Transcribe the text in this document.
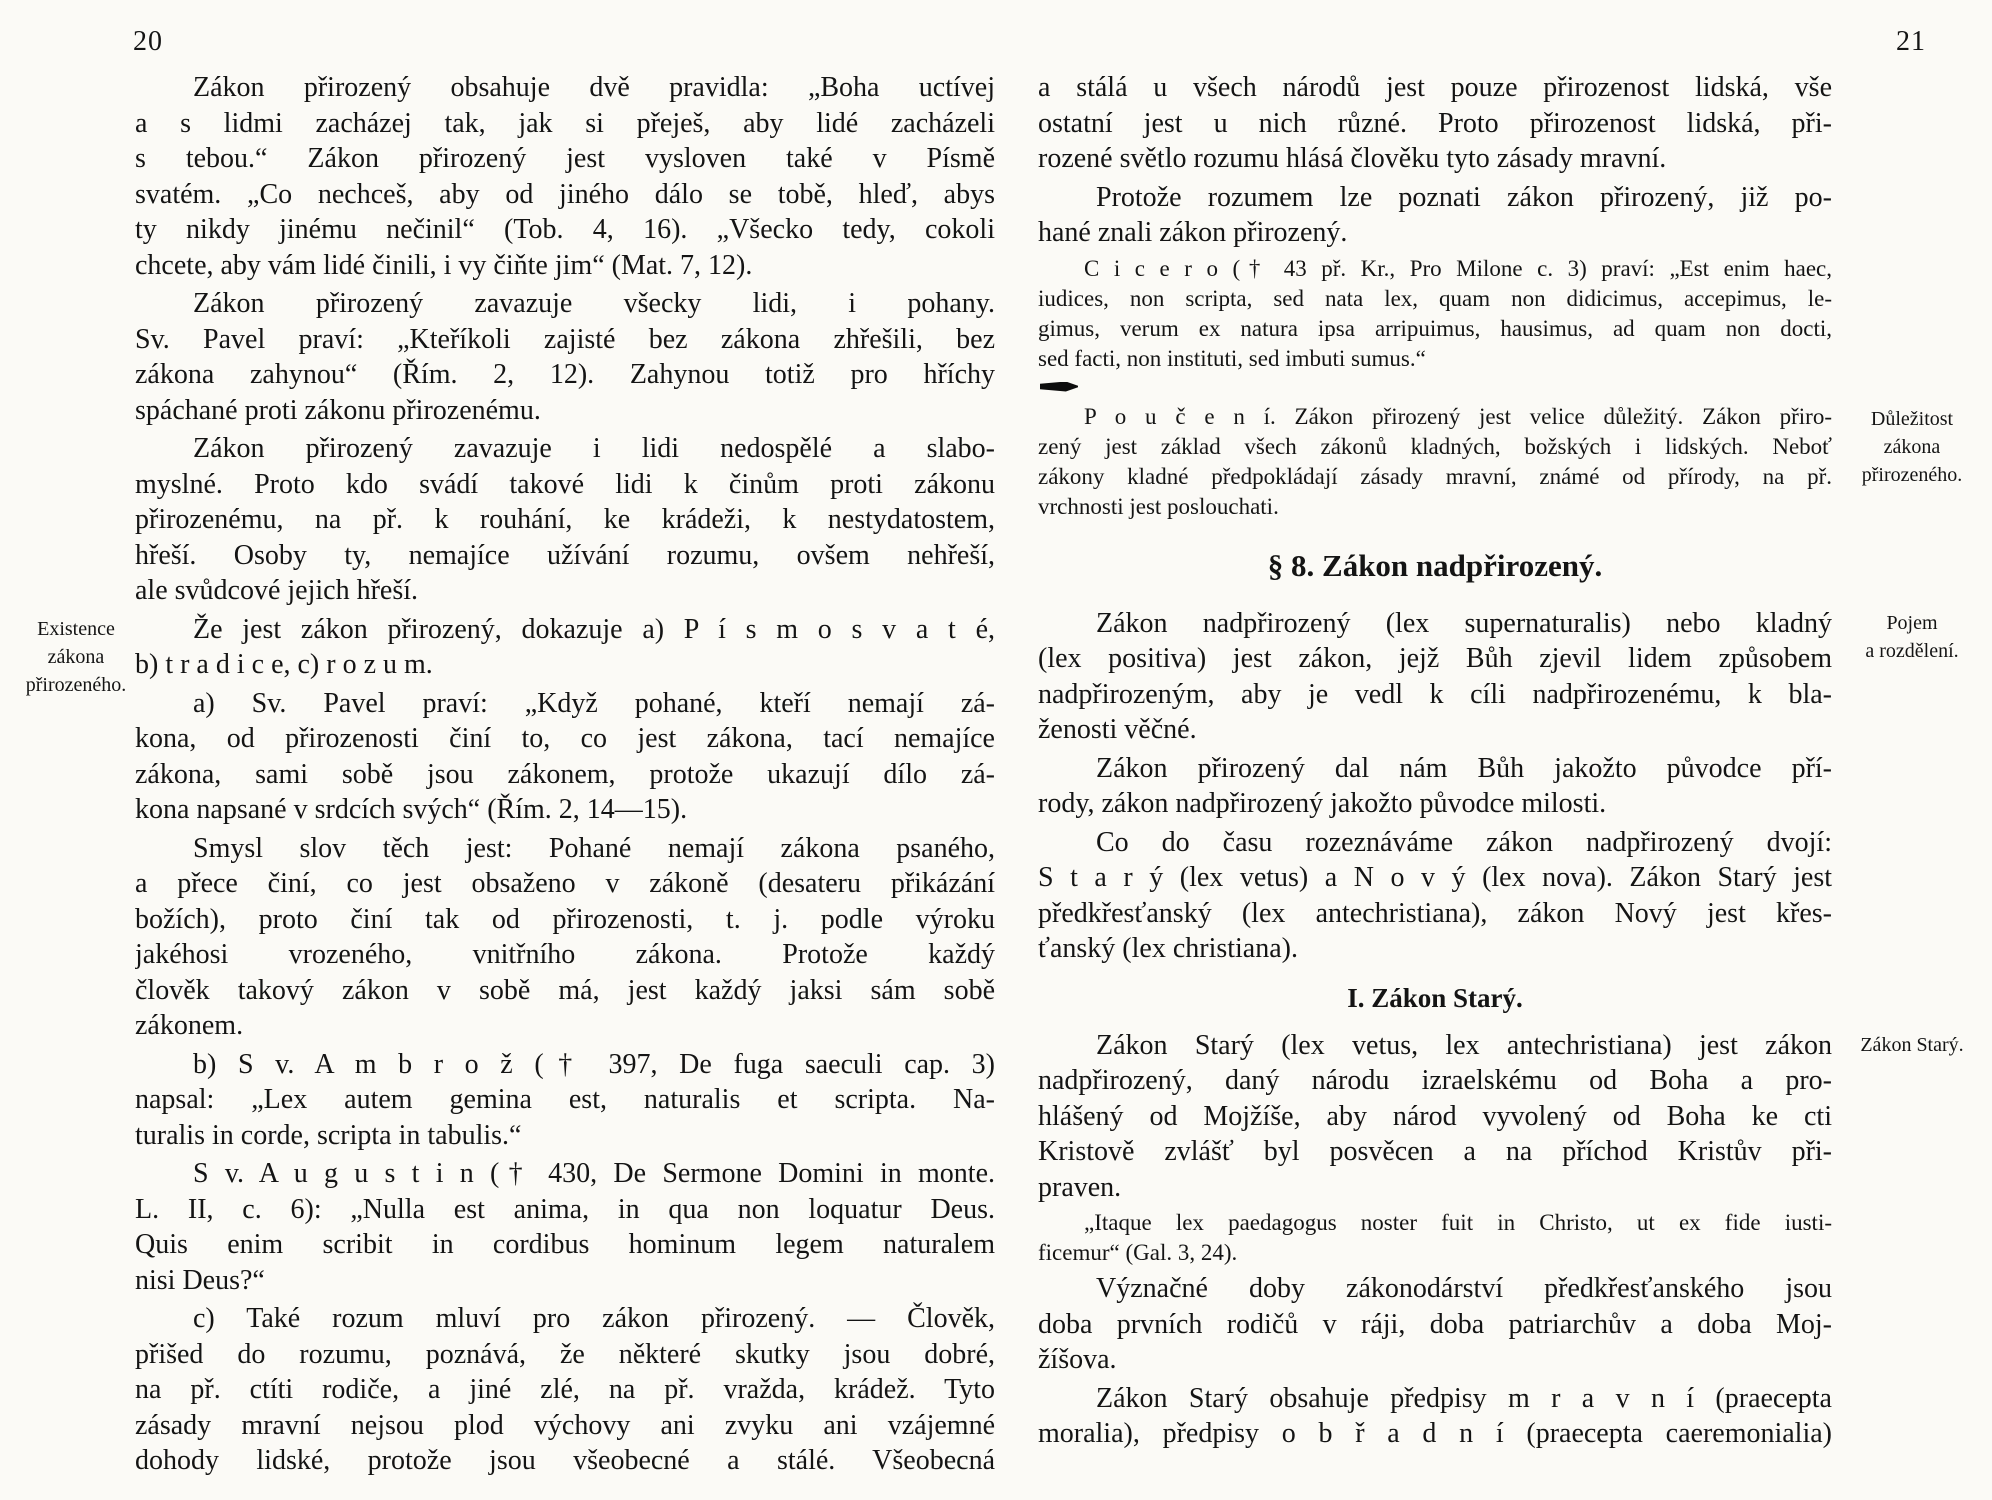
20
Zákon přirozený obsahuje dvě pravidla: „Boha uctívej
a s lidmi zacházej tak, jak si přeješ, aby lidé zacházeli
s tebou.“ Zákon přirozený jest vysloven také v Písmě
svatém. „Co nechceš, aby od jiného dálo se tobě, hleď, abys
ty nikdy jinému nečinil“ (Tob. 4, 16). „Všecko tedy, cokoli
chcete, aby vám lidé činili, i vy čiňte jim“ (Mat. 7, 12).
Zákon přirozený zavazuje všecky lidi, i pohany.
Sv. Pavel praví: „Kteříkoli zajisté bez zákona zhřešili, bez
zákona zahynou“ (Řím. 2, 12). Zahynou totiž pro hříchy
spáchané proti zákonu přirozenému.
Zákon přirozený zavazuje i lidi nedospělé a slabo-
myslné. Proto kdo svádí takové lidi k činům proti zákonu
přirozenému, na př. k rouhání, ke krádeži, k nestydatostem,
hřeší. Osoby ty, nemajíce užívání rozumu, ovšem nehřeší,
ale svůdcové jejich hřeší.
Že jest zákon přirozený, dokazuje a) P í s m o s v a t é,
b) t r a d i c e, c) r o z u m.
Existence
zákona
přirozeného.
a) Sv. Pavel praví: „Když pohané, kteří nemají zá-
kona, od přirozenosti činí to, co jest zákona, tací nemajíce
zákona, sami sobě jsou zákonem, protože ukazují dílo zá-
kona napsané v srdcích svých“ (Řím. 2, 14—15).
Smysl slov těch jest: Pohané nemají zákona psaného,
a přece činí, co jest obsaženo v zákoně (desateru přikázání
božích), proto činí tak od přirozenosti, t. j. podle výroku
jakéhosi vrozeného, vnitřního zákona. Protože každý
člověk takový zákon v sobě má, jest každý jaksi sám sobě
zákonem.
b) S v. A m b r o ž († 397, De fuga saeculi cap. 3)
napsal: „Lex autem gemina est, naturalis et scripta. Na-
turalis in corde, scripta in tabulis.“
S v. A u g u s t i n († 430, De Sermone Domini in monte.
L. II, c. 6): „Nulla est anima, in qua non loquatur Deus.
Quis enim scribit in cordibus hominum legem naturalem
nisi Deus?“
c) Také rozum mluví pro zákon přirozený. — Člověk,
přišed do rozumu, poznává, že některé skutky jsou dobré,
na př. ctíti rodiče, a jiné zlé, na př. vražda, krádež. Tyto
zásady mravní nejsou plod výchovy ani zvyku ani vzájemné
dohody lidské, protože jsou všeobecné a stálé. Všeobecná
21
a stálá u všech národů jest pouze přirozenost lidská, vše
ostatní jest u nich různé. Proto přirozenost lidská, při-
rozené světlo rozumu hlásá člověku tyto zásady mravní.
Protože rozumem lze poznati zákon přirozený, již po-
hané znali zákon přirozený.
C i c e r o († 43 př. Kr., Pro Milone c. 3) praví: „Est enim haec,
iudices, non scripta, sed nata lex, quam non didicimus, accepimus, le-
gimus, verum ex natura ipsa arripuimus, hausimus, ad quam non docti,
sed facti, non instituti, sed imbuti sumus.“
P o u č e n í. Zákon přirozený jest velice důležitý. Zákon přiro-
zený jest základ všech zákonů kladných, božských i lidských. Neboť
zákony kladné předpokládají zásady mravní, známé od přírody, na př.
vrchnosti jest poslouchati.
Důležitost
zákona
přirozeného.
§ 8. Zákon nadpřirozený.
Zákon nadpřirozený (lex supernaturalis) nebo kladný
(lex positiva) jest zákon, jejž Bůh zjevil lidem způsobem
nadpřirozeným, aby je vedl k cíli nadpřirozenému, k bla-
ženosti věčné.
Pojem
a rozdělení.
Zákon přirozený dal nám Bůh jakožto původce pří-
rody, zákon nadpřirozený jakožto původce milosti.
Co do času rozeznáváme zákon nadpřirozený dvojí:
S t a r ý (lex vetus) a N o v ý (lex nova). Zákon Starý jest
předkřesťanský (lex antechristiana), zákon Nový jest křes-
ťanský (lex christiana).
I. Zákon Starý.
Zákon Starý (lex vetus, lex antechristiana) jest zákon
nadpřirozený, daný národu izraelskému od Boha a pro-
hlášený od Mojžíše, aby národ vyvolený od Boha ke cti
Kristově zvlášť byl posvěcen a na příchod Kristův při-
praven.
Zákon Starý.
„Itaque lex paedagogus noster fuit in Christo, ut ex fide iusti-
ficemur“ (Gal. 3, 24).
Význačné doby zákonodárství předkřesťanského jsou
doba prvních rodičů v ráji, doba patriarchův a doba Moj-
žíšova.
Zákon Starý obsahuje předpisy m r a v n í (praecepta
moralia), předpisy o b ř a d n í (praecepta caeremonialia)
